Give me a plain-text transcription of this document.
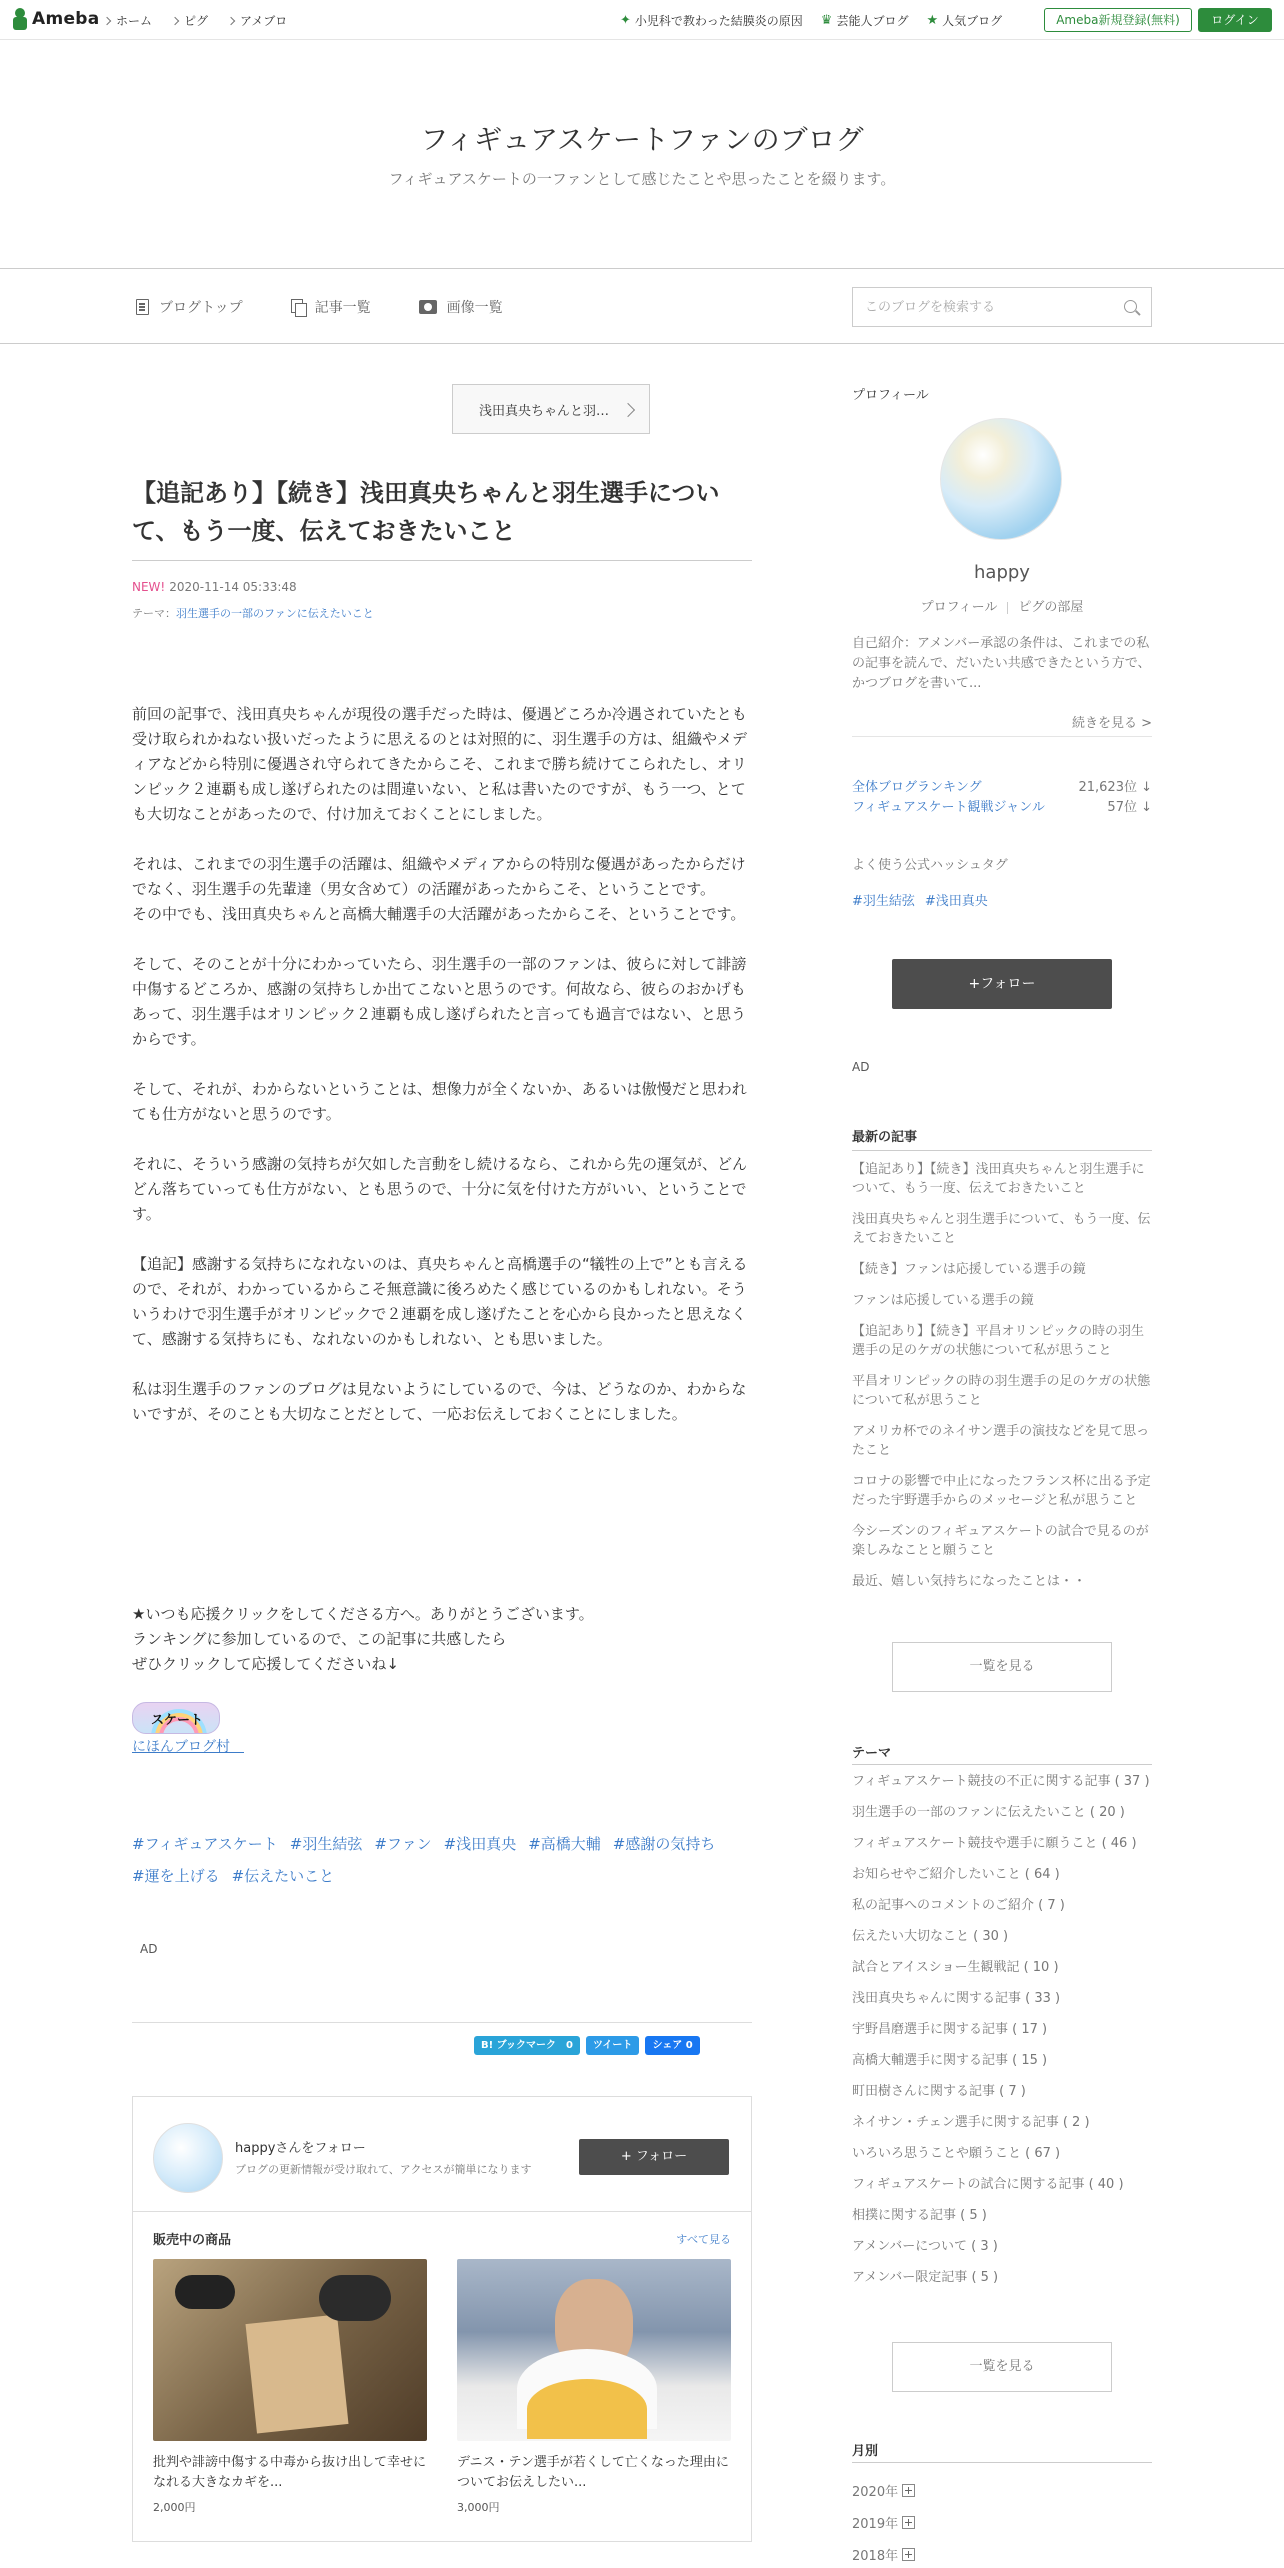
Ameba ホーム	ピグ	アメブロ	✦ 小児科で教わった結膜炎の原因 ♛ 芸能人ブログ ★ 人気ブログ	Ameba新規登録(無料)	ログイン
フィギュアスケートファンのブログ
フィギュアスケートの一ファンとして感じたことや思ったことを綴ります。
ブログトップ	記事一覧	画像一覧
このブログを検索する
浅田真央ちゃんと羽…
【追記あり】【続き】浅田真央ちゃんと羽生選手について、もう一度、伝えておきたいこと
NEW! 2020-11-14 05:33:48
テーマ：羽生選手の一部のファンに伝えたいこと

前回の記事で、浅田真央ちゃんが現役の選手だった時は、優遇どころか冷遇されていたとも受け取られかねない扱いだったように思えるのとは対照的に、羽生選手の方は、組織やメディアなどから特別に優遇され守られてきたからこそ、これまで勝ち続けてこられたし、オリンピック２連覇も成し遂げられたのは間違いない、と私は書いたのですが、もう一つ、とても大切なことがあったので、付け加えておくことにしました。

それは、これまでの羽生選手の活躍は、組織やメディアからの特別な優遇があったからだけでなく、羽生選手の先輩達（男女含めて）の活躍があったからこそ、ということです。
その中でも、浅田真央ちゃんと高橋大輔選手の大活躍があったからこそ、ということです。

そして、そのことが十分にわかっていたら、羽生選手の一部のファンは、彼らに対して誹謗中傷するどころか、感謝の気持ちしか出てこないと思うのです。何故なら、彼らのおかげもあって、羽生選手はオリンピック２連覇も成し遂げられたと言っても過言ではない、と思うからです。

そして、それが、わからないということは、想像力が全くないか、あるいは傲慢だと思われても仕方がないと思うのです。

それに、そういう感謝の気持ちが欠如した言動をし続けるなら、これから先の運気が、どんどん落ちていっても仕方がない、とも思うので、十分に気を付けた方がいい、ということです。

【追記】感謝する気持ちになれないのは、真央ちゃんと高橋選手の“犠牲の上で”とも言えるので、それが、わかっているからこそ無意識に後ろめたく感じているのかもしれない。そういうわけで羽生選手がオリンピックで２連覇を成し遂げたことを心から良かったと思えなくて、感謝する気持ちにも、なれないのかもしれない、とも思いました。

私は羽生選手のファンのブログは見ないようにしているので、今は、どうなのか、わからないですが、そのことも大切なことだとして、一応お伝えしておくことにしました。

★いつも応援クリックをしてくださる方へ。ありがとうございます。
ランキングに参加しているので、この記事に共感したら
ぜひクリックして応援してくださいね↓
スケート
にほんブログ村　
#フィギュアスケート #羽生結弦 #ファン #浅田真央 #高橋大輔 #感謝の気持ち#運を上げる #伝えたいこと
AD
B! ブックマーク　0	ツイート	シェア 0
happyさんをフォロー
ブログの更新情報が受け取れて、アクセスが簡単になります
+ フォロー
販売中の商品	すべて見る
批判や誹謗中傷する中毒から抜け出して幸せになれる大きなカギを...
2,000円
デニス・テン選手が若くして亡くなった理由についてお伝えしたい...
3,000円
プロフィール
happy
プロフィール ピグの部屋
自己紹介：アメンバー承認の条件は、これまでの私の記事を読んで、だいたい共感できたという方で、かつブログを書いて...
続きを見る >
全体ブログランキング	21,623位 ↓
フィギュアスケート観戦ジャンル	57位 ↓
よく使う公式ハッシュタグ
#羽生結弦 #浅田真央
+フォロー
AD
最新の記事
【追記あり】【続き】浅田真央ちゃんと羽生選手について、もう一度、伝えておきたいこと
浅田真央ちゃんと羽生選手について、もう一度、伝えておきたいこと
【続き】ファンは応援している選手の鏡
ファンは応援している選手の鏡
【追記あり】【続き】平昌オリンピックの時の羽生選手の足のケガの状態について私が思うこと
平昌オリンピックの時の羽生選手の足のケガの状態について私が思うこと
アメリカ杯でのネイサン選手の演技などを見て思ったこと
コロナの影響で中止になったフランス杯に出る予定だった宇野選手からのメッセージと私が思うこと
今シーズンのフィギュアスケートの試合で見るのが楽しみなことと願うこと
最近、嬉しい気持ちになったことは・・
一覧を見る
テーマ
フィギュアスケート競技の不正に関する記事 ( 37 )
羽生選手の一部のファンに伝えたいこと ( 20 )
フィギュアスケート競技や選手に願うこと ( 46 )
お知らせやご紹介したいこと ( 64 )
私の記事へのコメントのご紹介 ( 7 )
伝えたい大切なこと ( 30 )
試合とアイスショー生観戦記 ( 10 )
浅田真央ちゃんに関する記事 ( 33 )
宇野昌磨選手に関する記事 ( 17 )
高橋大輔選手に関する記事 ( 15 )
町田樹さんに関する記事 ( 7 )
ネイサン・チェン選手に関する記事 ( 2 )
いろいろ思うことや願うこと ( 67 )
フィギュアスケートの試合に関する記事 ( 40 )
相撲に関する記事 ( 5 )
アメンバーについて ( 3 )
アメンバー限定記事 ( 5 )
一覧を見る
月別
2020年
2019年
2018年
